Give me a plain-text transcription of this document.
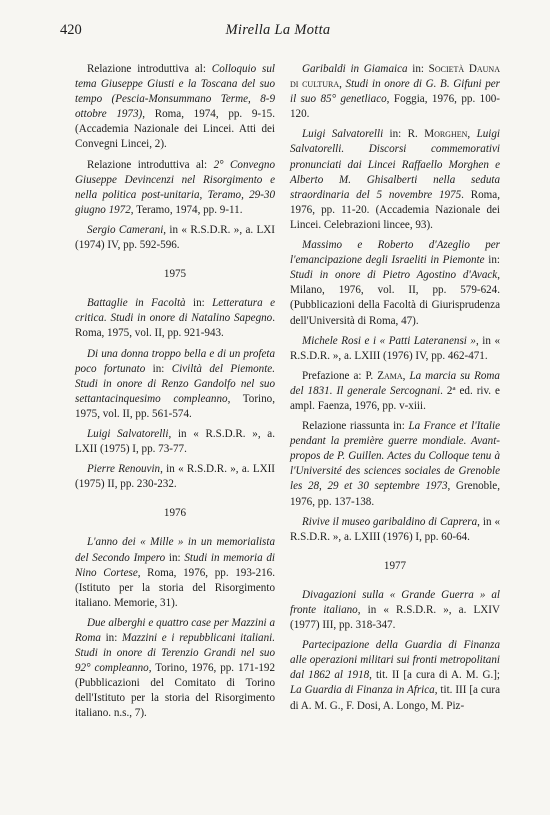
420	Mirella La Motta

Relazione introduttiva al: Colloquio sul tema Giuseppe Giusti e la Toscana del suo tempo (Pescia-Monsummano Terme, 8-9 ottobre 1973), Roma, 1974, pp. 9-15. (Accademia Nazionale dei Lincei. Atti dei Convegni Lincei, 2).

Relazione introduttiva al: 2° Convegno Giuseppe Devincenzi nel Risorgimento e nella politica post-unitaria, Teramo, 29-30 giugno 1972, Teramo, 1974, pp. 9-11.

Sergio Camerani, in « R.S.D.R. », a. LXI (1974) IV, pp. 592-596.

1975

Battaglie in Facoltà in: Letteratura e critica. Studi in onore di Natalino Sapegno. Roma, 1975, vol. II, pp. 921-943.

Di una donna troppo bella e di un profeta poco fortunato in: Civiltà del Piemonte. Studi in onore di Renzo Gandolfo nel suo settantacinquesimo compleanno, Torino, 1975, vol. II, pp. 561-574.

Luigi Salvatorelli, in « R.S.D.R. », a. LXII (1975) I, pp. 73-77.

Pierre Renouvin, in « R.S.D.R. », a. LXII (1975) II, pp. 230-232.

1976

L'anno dei « Mille » in un memorialista del Secondo Impero in: Studi in memoria di Nino Cortese, Roma, 1976, pp. 193-216. (Istituto per la storia del Risorgimento italiano. Memorie, 31).

Due alberghi e quattro case per Mazzini a Roma in: Mazzini e i repubblicani italiani. Studi in onore di Terenzio Grandi nel suo 92° compleanno, Torino, 1976, pp. 171-192 (Pubblicazioni del Comitato di Torino dell'Istituto per la storia del Risorgimento italiano. n.s., 7).

Garibaldi in Giamaica in: Società Dauna di cultura, Studi in onore di G. B. Gifuni per il suo 85° genetliaco, Foggia, 1976, pp. 100-120.

Luigi Salvatorelli in: R. Morghen, Luigi Salvatorelli. Discorsi commemorativi pronunciati dai Lincei Raffaello Morghen e Alberto M. Ghisalberti nella seduta straordinaria del 5 novembre 1975. Roma, 1976, pp. 11-20. (Accademia Nazionale dei Lincei. Celebrazioni lincee, 93).

Massimo e Roberto d'Azeglio per l'emancipazione degli Israeliti in Piemonte in: Studi in onore di Pietro Agostino d'Avack, Milano, 1976, vol. II, pp. 579-624. (Pubblicazioni della Facoltà di Giurisprudenza dell'Università di Roma, 47).

Michele Rosi e i « Patti Lateranensi », in « R.S.D.R. », a. LXIII (1976) IV, pp. 462-471.

Prefazione a: P. Zama, La marcia su Roma del 1831. Il generale Sercognani. 2ª ed. riv. e ampl. Faenza, 1976, pp. v-xiii.

Relazione riassunta in: La France et l'Italie pendant la première guerre mondiale. Avant-propos de P. Guillen. Actes du Colloque tenu à l'Université des sciences sociales de Grenoble les 28, 29 et 30 septembre 1973, Grenoble, 1976, pp. 137-138.

Rivive il museo garibaldino di Caprera, in « R.S.D.R. », a. LXIII (1976) I, pp. 60-64.

1977

Divagazioni sulla « Grande Guerra » al fronte italiano, in « R.S.D.R. », a. LXIV (1977) III, pp. 318-347.

Partecipazione della Guardia di Finanza alle operazioni militari sui fronti metropolitani dal 1862 al 1918, tit. II [a cura di A. M. G.]; La Guardia di Finanza in Africa, tit. III [a cura di A. M. G., F. Dosi, A. Longo, M. Piz-
